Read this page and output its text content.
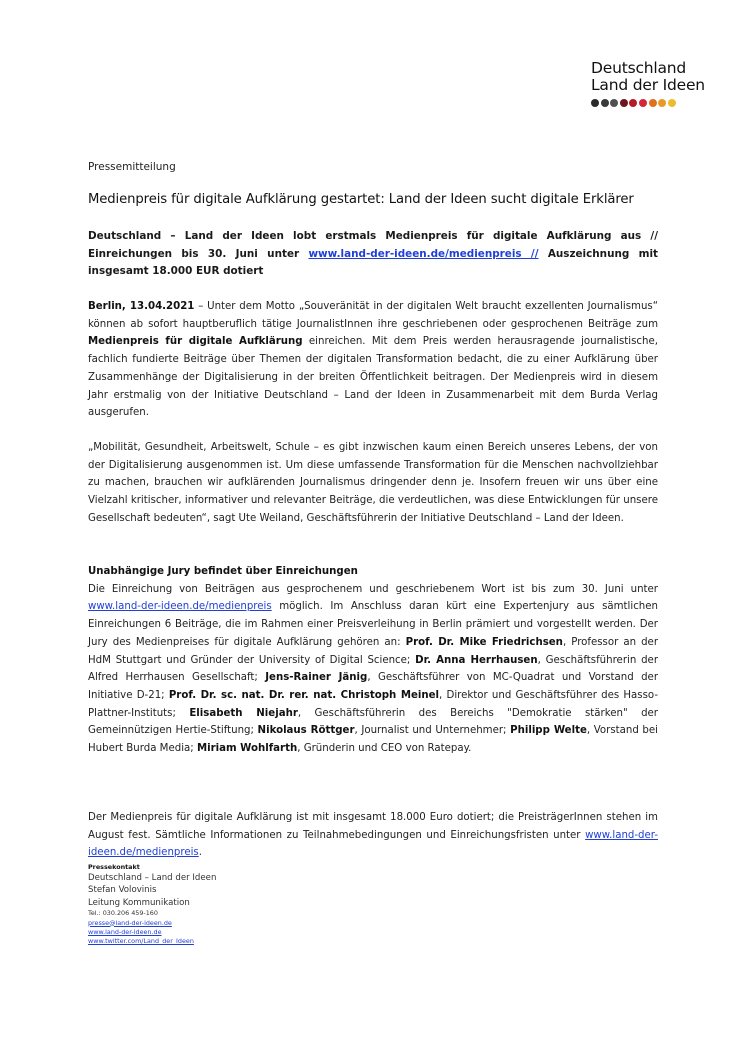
Deutschland
Land der Ideen
Pressemitteilung
Medienpreis für digitale Aufklärung gestartet: Land der Ideen sucht digitale Erklärer
Deutschland – Land der Ideen lobt erstmals Medienpreis für digitale Aufklärung aus // Einreichungen bis 30. Juni unter www.land-der-ideen.de/medienpreis // Auszeichnung mit insgesamt 18.000 EUR dotiert
Berlin, 13.04.2021 – Unter dem Motto „Souveränität in der digitalen Welt braucht exzellenten Journalismus“ können ab sofort hauptberuflich tätige JournalistInnen ihre geschriebenen oder gesprochenen Beiträge zum Medienpreis für digitale Aufklärung einreichen. Mit dem Preis werden herausragende journalistische, fachlich fundierte Beiträge über Themen der digitalen Transformation bedacht, die zu einer Aufklärung über Zusammenhänge der Digitalisierung in der breiten Öffentlichkeit beitragen. Der Medienpreis wird in diesem Jahr erstmalig von der Initiative Deutschland – Land der Ideen in Zusammenarbeit mit dem Burda Verlag ausgerufen.
„Mobilität, Gesundheit, Arbeitswelt, Schule – es gibt inzwischen kaum einen Bereich unseres Lebens, der von der Digitalisierung ausgenommen ist. Um diese umfassende Transformation für die Menschen nachvollziehbar zu machen, brauchen wir aufklärenden Journalismus dringender denn je. Insofern freuen wir uns über eine Vielzahl kritischer, informativer und relevanter Beiträge, die verdeutlichen, was diese Entwicklungen für unsere Gesellschaft bedeuten“, sagt Ute Weiland, Geschäftsführerin der Initiative Deutschland – Land der Ideen.
Unabhängige Jury befindet über Einreichungen
Die Einreichung von Beiträgen aus gesprochenem und geschriebenem Wort ist bis zum 30. Juni unter www.land-der-ideen.de/medienpreis möglich. Im Anschluss daran kürt eine Expertenjury aus sämtlichen Einreichungen 6 Beiträge, die im Rahmen einer Preisverleihung in Berlin prämiert und vorgestellt werden. Der Jury des Medienpreises für digitale Aufklärung gehören an: Prof. Dr. Mike Friedrichsen, Professor an der HdM Stuttgart und Gründer der University of Digital Science; Dr. Anna Herrhausen, Geschäftsführerin der Alfred Herrhausen Gesellschaft; Jens-Rainer Jänig, Geschäftsführer von MC-Quadrat und Vorstand der Initiative D-21; Prof. Dr. sc. nat. Dr. rer. nat. Christoph Meinel, Direktor und Geschäftsführer des Hasso-Plattner-Instituts; Elisabeth Niejahr, Geschäftsführerin des Bereichs "Demokratie stärken" der Gemeinnützigen Hertie-Stiftung; Nikolaus Röttger, Journalist und Unternehmer; Philipp Welte, Vorstand bei Hubert Burda Media; Miriam Wohlfarth, Gründerin und CEO von Ratepay.
Der Medienpreis für digitale Aufklärung ist mit insgesamt 18.000 Euro dotiert; die PreisträgerInnen stehen im August fest. Sämtliche Informationen zu Teilnahmebedingungen und Einreichungsfristen unter www.land-der-ideen.de/medienpreis.
Pressekontakt
Deutschland – Land der Ideen
Stefan Volovinis
Leitung Kommunikation
Tel.: 030.206 459-160
presse@land-der-ideen.de
www.land-der-ideen.de
www.twitter.com/Land_der_Ideen
